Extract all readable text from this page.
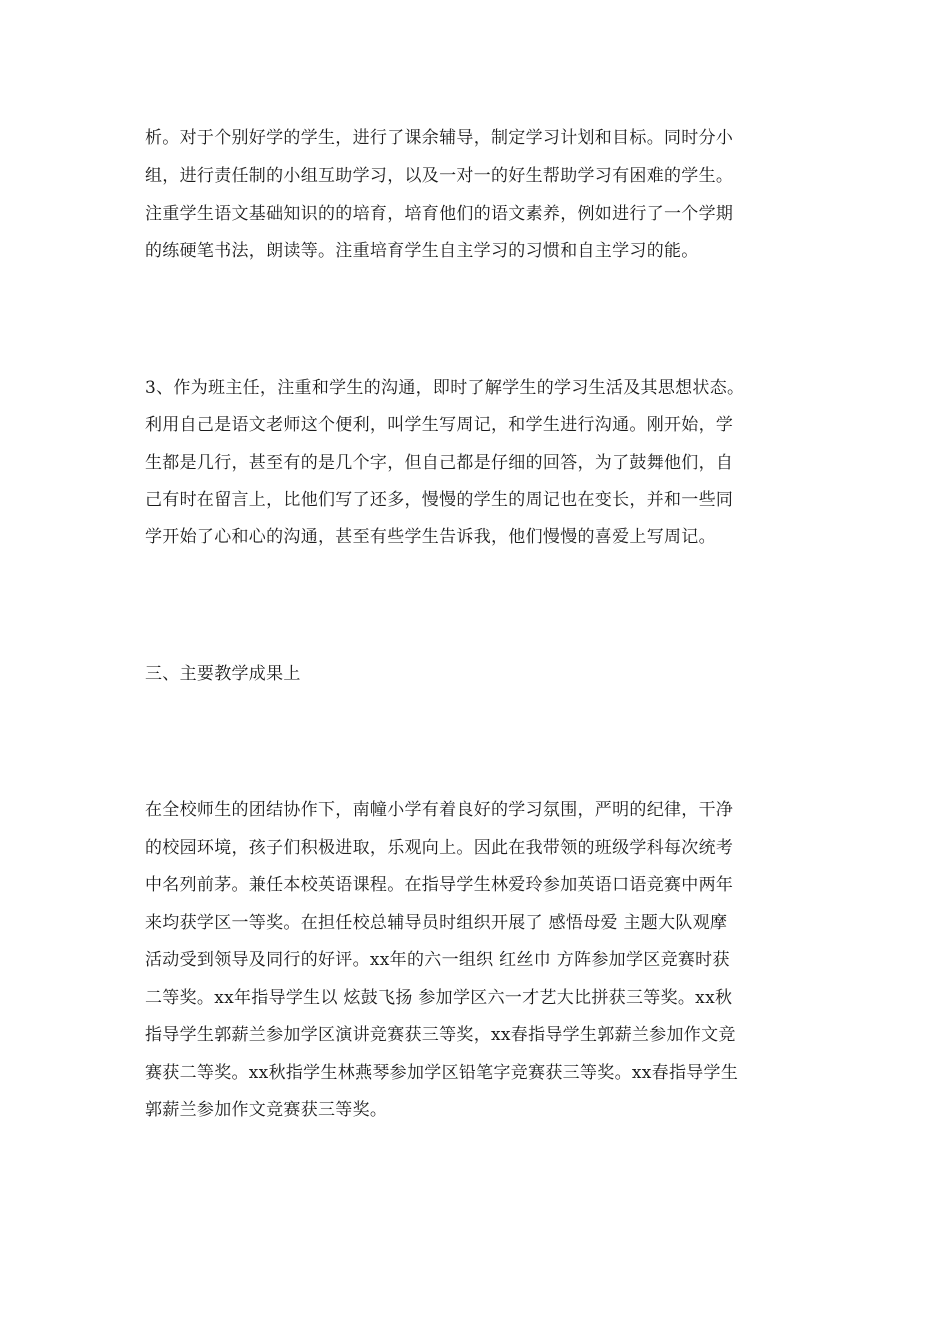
析。对于个别好学的学生，进行了课余辅导，制定学习计划和目标。同时分小
组，进行责任制的小组互助学习，以及一对一的好生帮助学习有困难的学生。
注重学生语文基础知识的的培育，培育他们的语文素养，例如进行了一个学期
的练硬笔书法，朗读等。注重培育学生自主学习的习惯和自主学习的能。
3、作为班主任，注重和学生的沟通，即时了解学生的学习生活及其思想状态。
利用自己是语文老师这个便利，叫学生写周记，和学生进行沟通。刚开始，学
生都是几行，甚至有的是几个字，但自己都是仔细的回答，为了鼓舞他们，自
己有时在留言上，比他们写了还多，慢慢的学生的周记也在变长，并和一些同
学开始了心和心的沟通，甚至有些学生告诉我，他们慢慢的喜爱上写周记。
三、主要教学成果上
在全校师生的团结协作下，南幢小学有着良好的学习氛围，严明的纪律，干净
的校园环境，孩子们积极进取，乐观向上。因此在我带领的班级学科每次统考
中名列前茅。兼任本校英语课程。在指导学生林爱玲参加英语口语竞赛中两年
来均获学区一等奖。在担任校总辅导员时组织开展了 感悟母爱 主题大队观摩
活动受到领导及同行的好评。xx年的六一组织 红丝巾 方阵参加学区竞赛时获
二等奖。xx年指导学生以 炫鼓飞扬 参加学区六一才艺大比拼获三等奖。xx秋
指导学生郭薪兰参加学区演讲竞赛获三等奖，xx春指导学生郭薪兰参加作文竞
赛获二等奖。xx秋指学生林燕琴参加学区铅笔字竞赛获三等奖。xx春指导学生
郭薪兰参加作文竞赛获三等奖。
